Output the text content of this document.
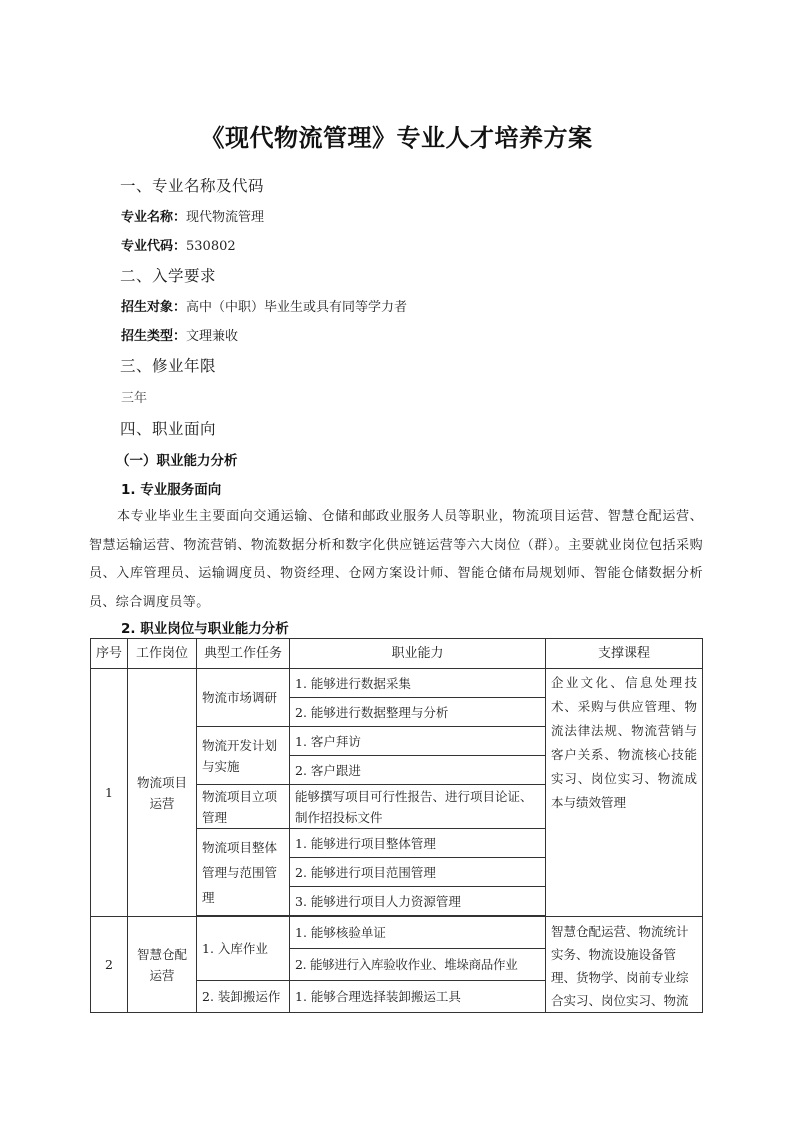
《现代物流管理》专业人才培养方案
一、专业名称及代码
专业名称：现代物流管理
专业代码：530802
二、入学要求
招生对象：高中（中职）毕业生或具有同等学力者
招生类型：文理兼收
三、修业年限
三年
四、职业面向
（一）职业能力分析
1. 专业服务面向
本专业毕业生主要面向交通运输、仓储和邮政业服务人员等职业，物流项目运营、智慧仓配运营、智慧运输运营、物流营销、物流数据分析和数字化供应链运营等六大岗位（群）。主要就业岗位包括采购员、入库管理员、运输调度员、物资经理、仓网方案设计师、智能仓储布局规划师、智能仓储数据分析员、综合调度员等。
2. 职业岗位与职业能力分析
序号	工作岗位	典型工作任务	职业能力	支撑课程
1	物流项目运营	物流市场调研	1. 能够进行数据采集	企业文化、信息处理技术、采购与供应管理、物流法律法规、物流营销与客户关系、物流核心技能实习、岗位实习、物流成本与绩效管理
			2. 能够进行数据整理与分析	
		物流开发计划与实施	1. 客户拜访	
			2. 客户跟进	
		物流项目立项管理	能够撰写项目可行性报告、进行项目论证、制作招投标文件	
		物流项目整体管理与范围管理	1. 能够进行项目整体管理	
			2. 能够进行项目范围管理	
			3. 能够进行项目人力资源管理	

2	智慧仓配运营	1. 入库作业	1. 能够核验单证	智慧仓配运营、物流统计实务、物流设施设备管理、货物学、岗前专业综合实习、岗位实习、物流
			2. 能够进行入库验收作业、堆垛商品作业	
		2. 装卸搬运作	1. 能够合理选择装卸搬运工具	
